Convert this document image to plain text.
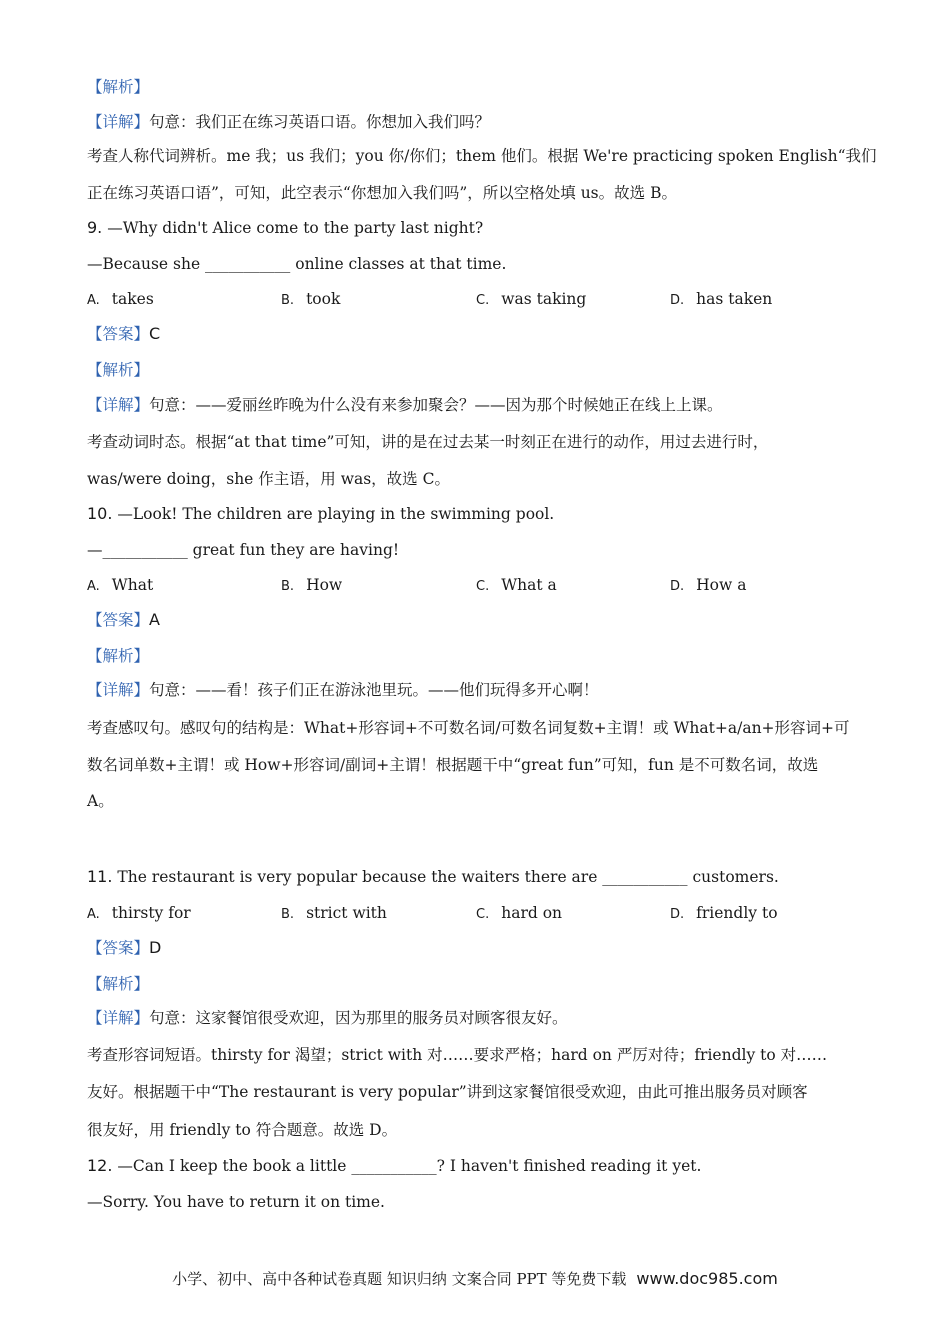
【解析】
【详解】句意：我们正在练习英语口语。你想加入我们吗？
考查人称代词辨析。me 我；us 我们；you 你/你们；them 他们。根据 We're practicing spoken English“我们
正在练习英语口语”，可知，此空表示“你想加入我们吗”，所以空格处填 us。故选 B。
9. —Why didn't Alice come to the party last night?
—Because she ___________ online classes at that time.
A. takes	B. took	C. was taking	D. has taken
【答案】C
【解析】
【详解】句意：——爱丽丝昨晚为什么没有来参加聚会？——因为那个时候她正在线上上课。
考查动词时态。根据“at that time”可知，讲的是在过去某一时刻正在进行的动作，用过去进行时，
was/were doing，she 作主语，用 was，故选 C。
10. —Look! The children are playing in the swimming pool.
—___________ great fun they are having!
A. What	B. How	C. What a	D. How a
【答案】A
【解析】
【详解】句意：——看！孩子们正在游泳池里玩。——他们玩得多开心啊！
考查感叹句。感叹句的结构是：What+形容词+不可数名词/可数名词复数+主谓！或 What+a/an+形容词+可
数名词单数+主谓！或 How+形容词/副词+主谓！根据题干中“great fun”可知，fun 是不可数名词，故选
A。
11. The restaurant is very popular because the waiters there are ___________ customers.
A. thirsty for	B. strict with	C. hard on	D. friendly to
【答案】D
【解析】
【详解】句意：这家餐馆很受欢迎，因为那里的服务员对顾客很友好。
考查形容词短语。thirsty for 渴望；strict with 对……要求严格；hard on 严厉对待；friendly to 对……
友好。根据题干中“The restaurant is very popular”讲到这家餐馆很受欢迎，由此可推出服务员对顾客
很友好，用 friendly to 符合题意。故选 D。
12. —Can I keep the book a little ___________? I haven't finished reading it yet.
—Sorry. You have to return it on time.
小学、初中、高中各种试卷真题 知识归纳 文案合同 PPT 等免费下载 www.doc985.com
